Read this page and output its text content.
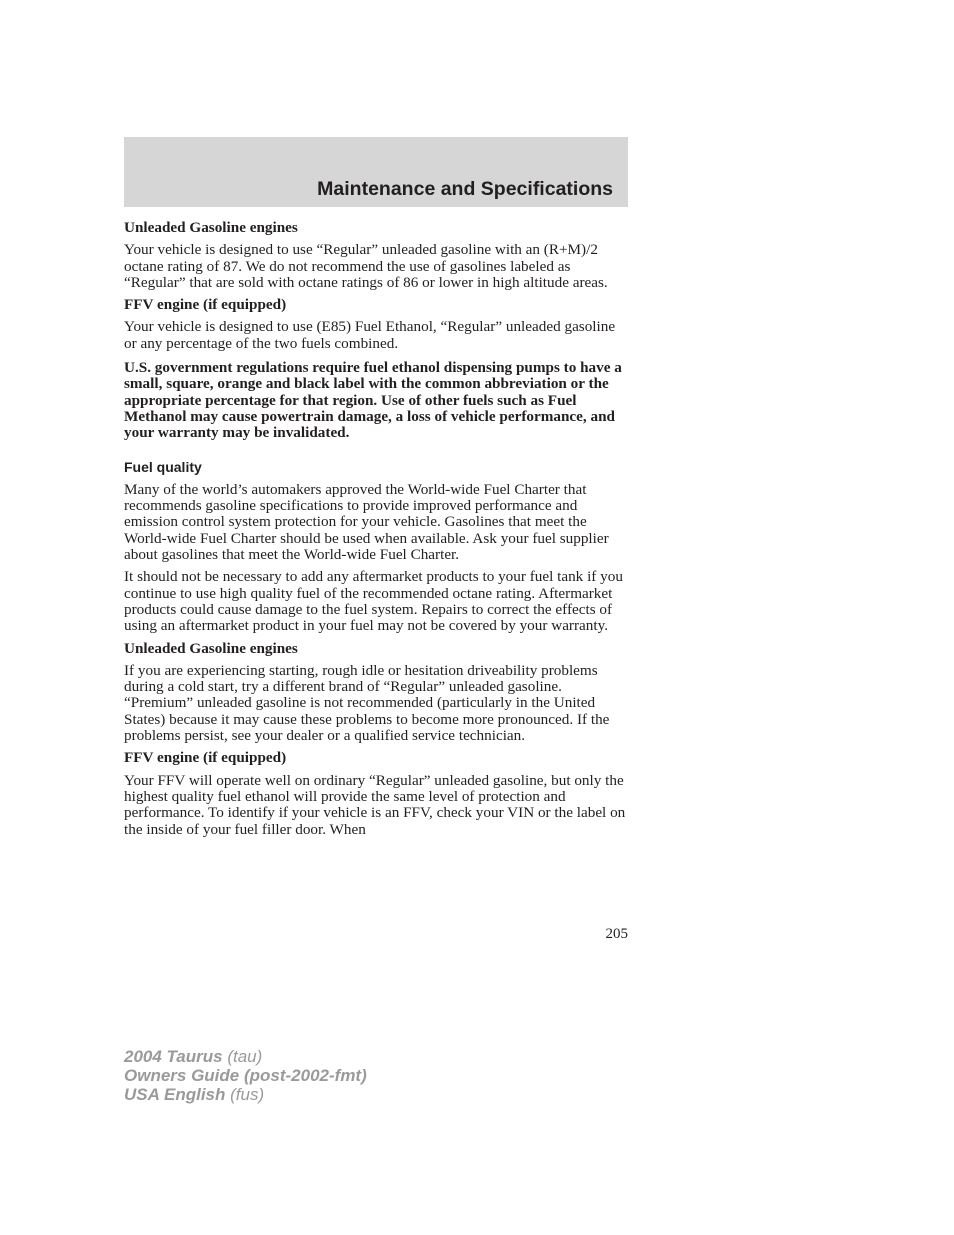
Maintenance and Specifications
Unleaded Gasoline engines

Your vehicle is designed to use “Regular” unleaded gasoline with an (R+M)/2 octane rating of 87. We do not recommend the use of gasolines labeled as “Regular” that are sold with octane ratings of 86 or lower in high altitude areas.

FFV engine (if equipped)

Your vehicle is designed to use (E85) Fuel Ethanol, “Regular” unleaded gasoline or any percentage of the two fuels combined.

U.S. government regulations require fuel ethanol dispensing pumps to have a small, square, orange and black label with the common abbreviation or the appropriate percentage for that region. Use of other fuels such as Fuel Methanol may cause powertrain damage, a loss of vehicle performance, and your warranty may be invalidated.

Fuel quality

Many of the world’s automakers approved the World-wide Fuel Charter that recommends gasoline specifications to provide improved performance and emission control system protection for your vehicle. Gasolines that meet the World-wide Fuel Charter should be used when available. Ask your fuel supplier about gasolines that meet the World-wide Fuel Charter.

It should not be necessary to add any aftermarket products to your fuel tank if you continue to use high quality fuel of the recommended octane rating. Aftermarket products could cause damage to the fuel system. Repairs to correct the effects of using an aftermarket product in your fuel may not be covered by your warranty.

Unleaded Gasoline engines

If you are experiencing starting, rough idle or hesitation driveability problems during a cold start, try a different brand of “Regular” unleaded gasoline. “Premium” unleaded gasoline is not recommended (particularly in the United States) because it may cause these problems to become more pronounced. If the problems persist, see your dealer or a qualified service technician.

FFV engine (if equipped)

Your FFV will operate well on ordinary “Regular” unleaded gasoline, but only the highest quality fuel ethanol will provide the same level of protection and performance. To identify if your vehicle is an FFV, check your VIN or the label on the inside of your fuel filler door. When

205
2004 Taurus (tau)
Owners Guide (post-2002-fmt)
USA English (fus)
